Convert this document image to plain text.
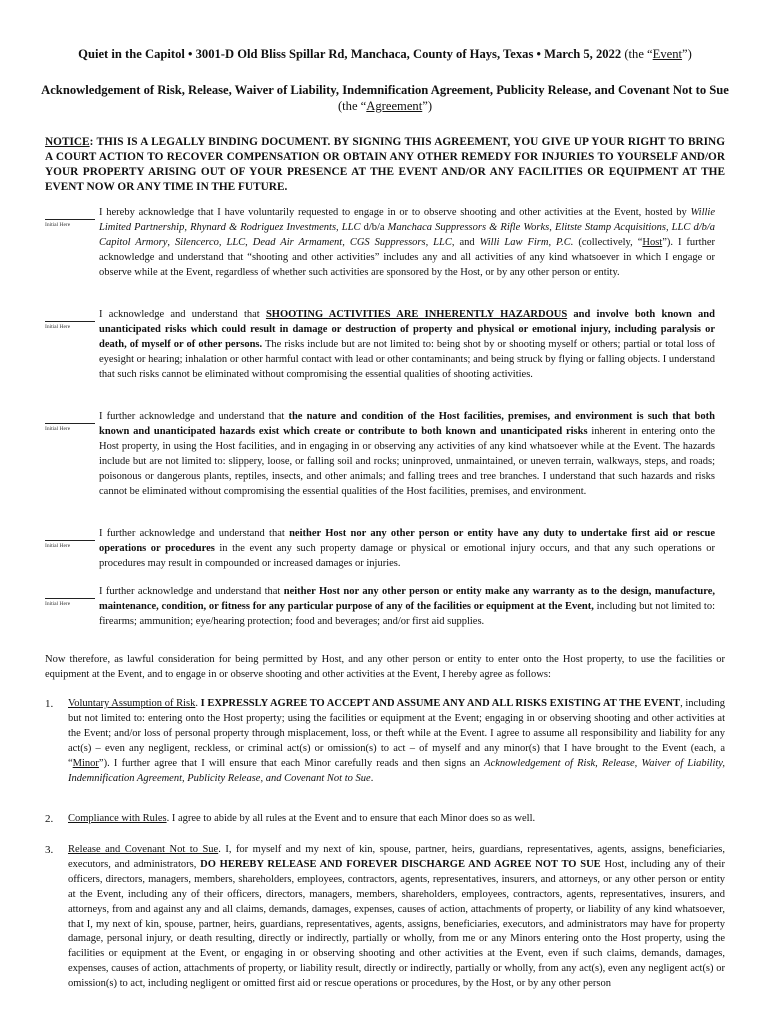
Quiet in the Capitol • 3001-D Old Bliss Spillar Rd, Manchaca, County of Hays, Texas • March 5, 2022 (the “Event”)
Acknowledgement of Risk, Release, Waiver of Liability, Indemnification Agreement, Publicity Release, and Covenant Not to Sue (the “Agreement”)
NOTICE: THIS IS A LEGALLY BINDING DOCUMENT. BY SIGNING THIS AGREEMENT, YOU GIVE UP YOUR RIGHT TO BRING A COURT ACTION TO RECOVER COMPENSATION OR OBTAIN ANY OTHER REMEDY FOR INJURIES TO YOURSELF AND/OR YOUR PROPERTY ARISING OUT OF YOUR PRESENCE AT THE EVENT AND/OR ANY FACILITIES OR EQUIPMENT AT THE EVENT NOW OR ANY TIME IN THE FUTURE.
Initial Here
I hereby acknowledge that I have voluntarily requested to engage in or to observe shooting and other activities at the Event, hosted by Willie Limited Partnership, Rhynard & Rodriguez Investments, LLC d/b/a Manchaca Suppressors & Rifle Works, Elitste Stamp Acquisitions, LLC d/b/a Capitol Armory, Silencerco, LLC, Dead Air Armament, CGS Suppressors, LLC, and Willi Law Firm, P.C. (collectively, “Host”). I further acknowledge and understand that “shooting and other activities” includes any and all activities of any kind whatsoever in which I engage or observe while at the Event, regardless of whether such activities are sponsored by the Host, or by any other person or entity.
Initial Here
I acknowledge and understand that SHOOTING ACTIVITIES ARE INHERENTLY HAZARDOUS and involve both known and unanticipated risks which could result in damage or destruction of property and physical or emotional injury, including paralysis or death, of myself or of other persons. The risks include but are not limited to: being shot by or shooting myself or others; partial or total loss of eyesight or hearing; inhalation or other harmful contact with lead or other contaminants; and being struck by flying or falling objects. I understand that such risks cannot be eliminated without compromising the essential qualities of shooting activities.
Initial Here
I further acknowledge and understand that the nature and condition of the Host facilities, premises, and environment is such that both known and unanticipated hazards exist which create or contribute to both known and unanticipated risks inherent in entering onto the Host property, in using the Host facilities, and in engaging in or observing any activities of any kind whatsoever while at the Event. The hazards include but are not limited to: slippery, loose, or falling soil and rocks; uninproved, unmaintained, or uneven terrain, walkways, steps, and roads; poisonous or dangerous plants, reptiles, insects, and other animals; and falling trees and tree branches. I understand that such hazards and risks cannot be eliminated without compromising the essential qualities of the Host facilities, premises, and environment.
Initial Here
I further acknowledge and understand that neither Host nor any other person or entity have any duty to undertake first aid or rescue operations or procedures in the event any such property damage or physical or emotional injury occurs, and that any such operations or procedures may result in compounded or increased damages or injuries.
Initial Here
I further acknowledge and understand that neither Host nor any other person or entity make any warranty as to the design, manufacture, maintenance, condition, or fitness for any particular purpose of any of the facilities or equipment at the Event, including but not limited to: firearms; ammunition; eye/hearing protection; food and beverages; and/or first aid supplies.
Now therefore, as lawful consideration for being permitted by Host, and any other person or entity to enter onto the Host property, to use the facilities or equipment at the Event, and to engage in or observe shooting and other activities at the Event, I hereby agree as follows:
1. Voluntary Assumption of Risk. I EXPRESSLY AGREE TO ACCEPT AND ASSUME ANY AND ALL RISKS EXISTING AT THE EVENT, including but not limited to: entering onto the Host property; using the facilities or equipment at the Event; engaging in or observing shooting and other activities at the Event; and/or loss of personal property through misplacement, loss, or theft while at the Event. I agree to assume all responsibility and liability for any act(s) – even any negligent, reckless, or criminal act(s) or omission(s) to act – of myself and any minor(s) that I have brought to the Event (each, a “Minor”). I further agree that I will ensure that each Minor carefully reads and then signs an Acknowledgement of Risk, Release, Waiver of Liability, Indemnification Agreement, Publicity Release, and Covenant Not to Sue.
2. Compliance with Rules. I agree to abide by all rules at the Event and to ensure that each Minor does so as well.
3. Release and Covenant Not to Sue. I, for myself and my next of kin, spouse, partner, heirs, guardians, representatives, agents, assigns, beneficiaries, executors, and administrators, DO HEREBY RELEASE AND FOREVER DISCHARGE AND AGREE NOT TO SUE Host, including any of their officers, directors, managers, members, shareholders, employees, contractors, agents, representatives, insurers, and attorneys, or any other person or entity at the Event, including any of their officers, directors, managers, members, shareholders, employees, contractors, agents, representatives, insurers, and attorneys, from and against any and all claims, demands, damages, expenses, causes of action, attachments of property, or liability of any kind whatsoever, that I, my next of kin, spouse, partner, heirs, guardians, representatives, agents, assigns, beneficiaries, executors, and administrators may have for property damage, personal injury, or death resulting, directly or indirectly, partially or wholly, from me or any Minors entering onto the Host property, using the facilities or equipment at the Event, or engaging in or observing shooting and other activities at the Event, even if such claims, demands, damages, expenses, causes of action, attachments of property, or liability result, directly or indirectly, partially or wholly, from any act(s), even any negligent act(s) or omission(s) to act, including negligent or omitted first aid or rescue operations or procedures, by the Host, or by any other person
